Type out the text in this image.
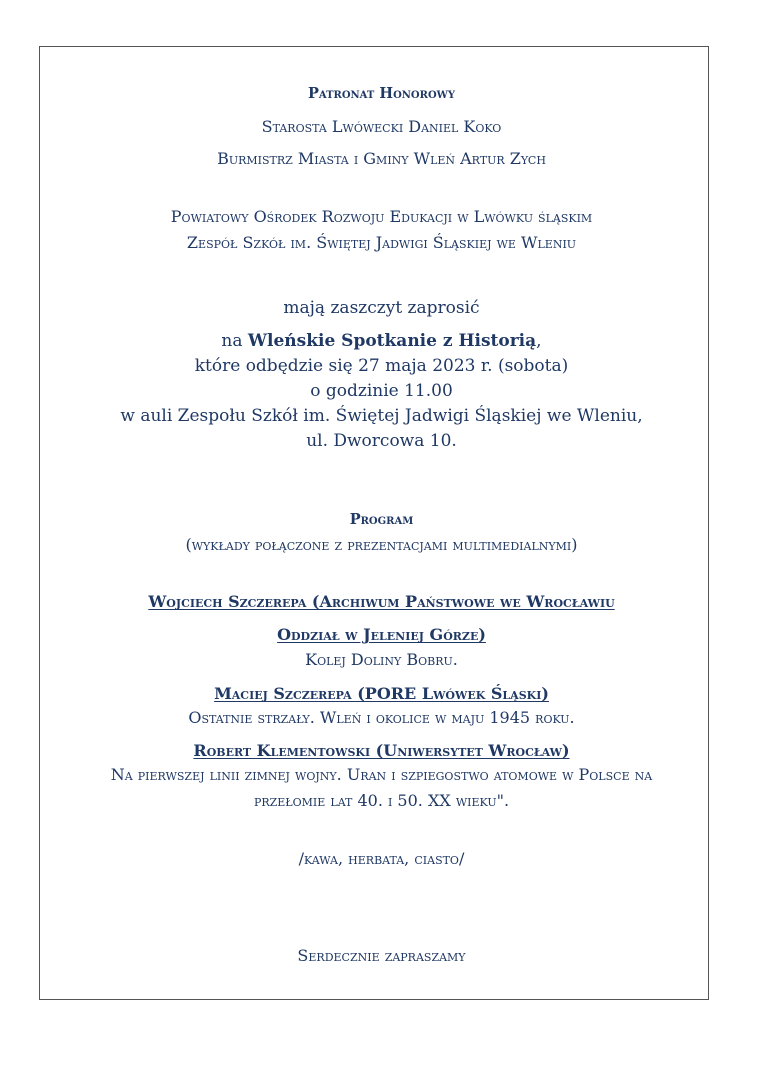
Patronat Honorowy
Starosta Lwówecki Daniel Koko
Burmistrz Miasta i Gminy Wleń Artur Zych
Powiatowy Ośrodek Rozwoju Edukacji w Lwówku śląskim
Zespół Szkół im. Świętej Jadwigi Śląskiej we Wleniu
mają zaszczyt zaprosić
na Wleńskie Spotkanie z Historią,
które odbędzie się 27 maja 2023 r. (sobota)
o godzinie 11.00
w auli Zespołu Szkół im. Świętej Jadwigi Śląskiej we Wleniu,
ul. Dworcowa 10.
Program
(wykłady połączone z prezentacjami multimedialnymi)
Wojciech Szczerepa (Archiwum Państwowe we Wrocławiu
Oddział w Jeleniej Górze)
Kolej Doliny Bobru.
Maciej Szczerepa (PORE Lwówek Śląski)
Ostatnie strzały. Wleń i okolice w maju 1945 roku.
Robert Klementowski (Uniwersytet Wrocław)
Na pierwszej linii zimnej wojny. Uran i szpiegostwo atomowe w Polsce na
przełomie lat 40. i 50. XX wieku".
/kawa, herbata, ciasto/
Serdecznie zapraszamy
